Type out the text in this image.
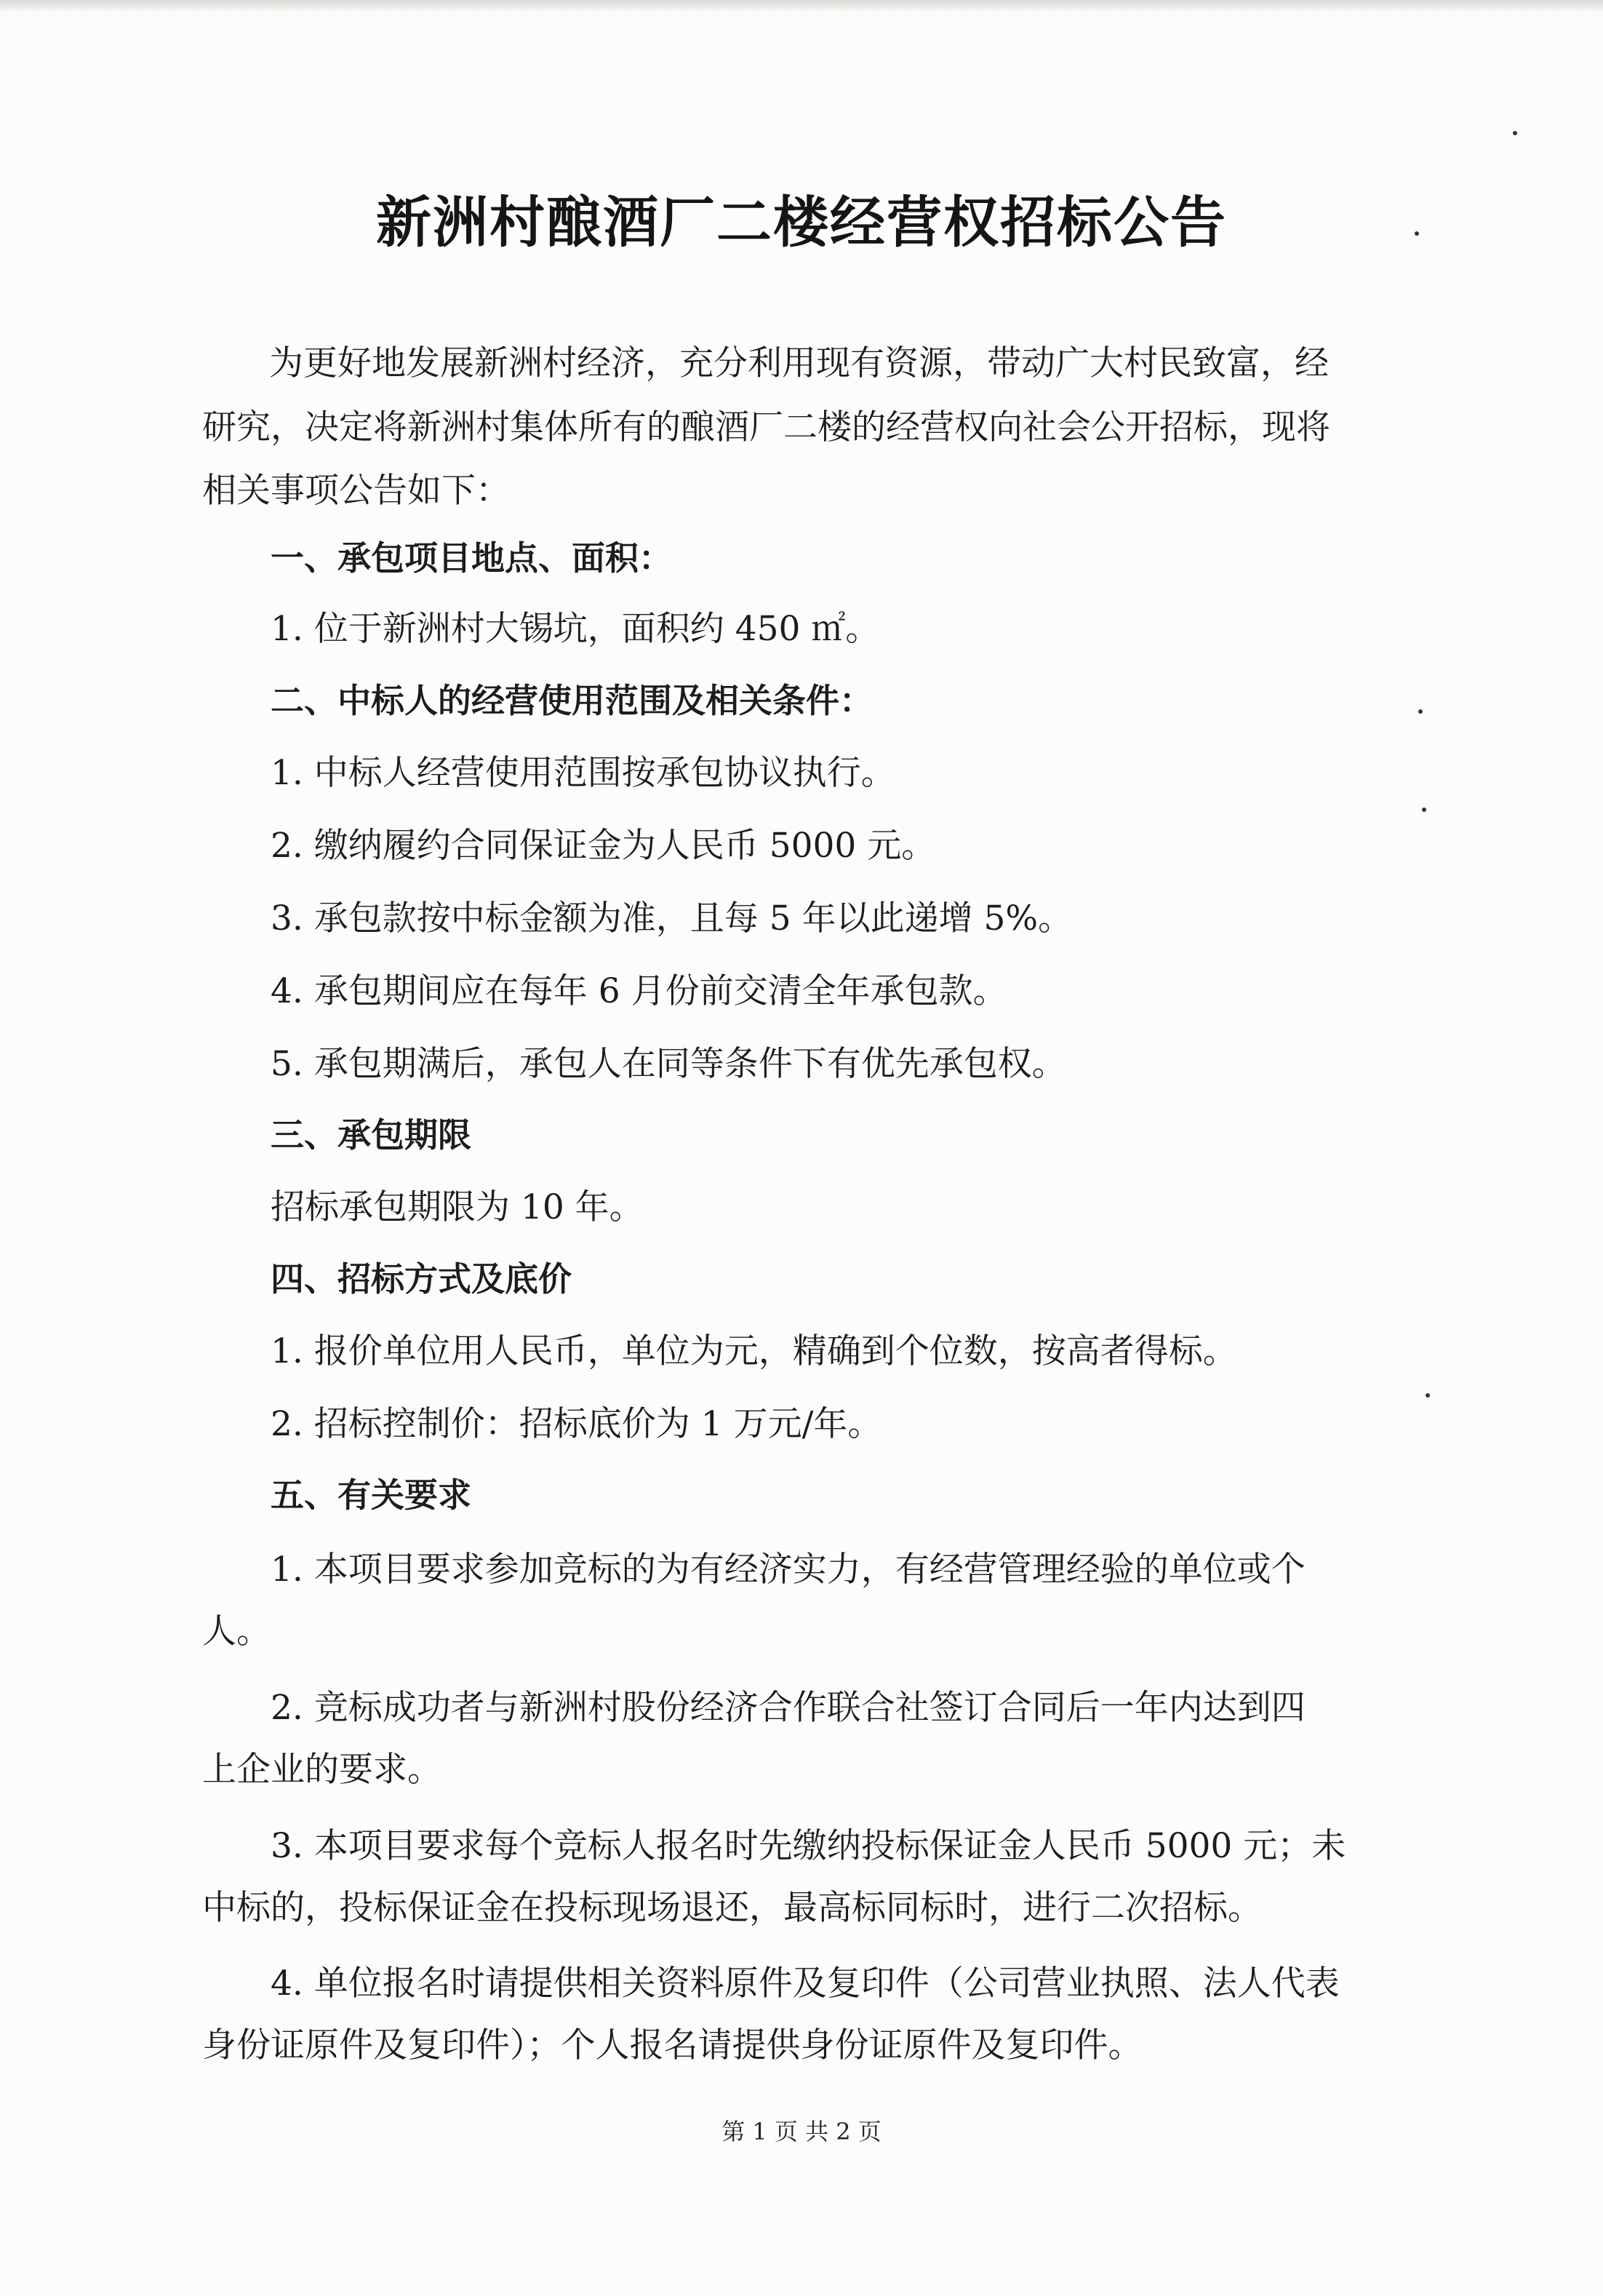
新洲村酿酒厂二楼经营权招标公告
为更好地发展新洲村经济，充分利用现有资源，带动广大村民致富，经
研究，决定将新洲村集体所有的酿酒厂二楼的经营权向社会公开招标，现将
相关事项公告如下：
一、承包项目地点、面积：
1. 位于新洲村大锡坑，面积约 450 ㎡。
二、中标人的经营使用范围及相关条件：
1. 中标人经营使用范围按承包协议执行。
2. 缴纳履约合同保证金为人民币 5000 元。
3. 承包款按中标金额为准，且每 5 年以此递增 5%。
4. 承包期间应在每年 6 月份前交清全年承包款。
5. 承包期满后，承包人在同等条件下有优先承包权。
三、承包期限
招标承包期限为 10 年。
四、招标方式及底价
1. 报价单位用人民币，单位为元，精确到个位数，按高者得标。
2. 招标控制价：招标底价为 1 万元/年。
五、有关要求
1. 本项目要求参加竞标的为有经济实力，有经营管理经验的单位或个
人。
2. 竞标成功者与新洲村股份经济合作联合社签订合同后一年内达到四
上企业的要求。
3. 本项目要求每个竞标人报名时先缴纳投标保证金人民币 5000 元；未
中标的，投标保证金在投标现场退还，最高标同标时，进行二次招标。
4. 单位报名时请提供相关资料原件及复印件（公司营业执照、法人代表
身份证原件及复印件）；个人报名请提供身份证原件及复印件。
第 1 页 共 2 页
